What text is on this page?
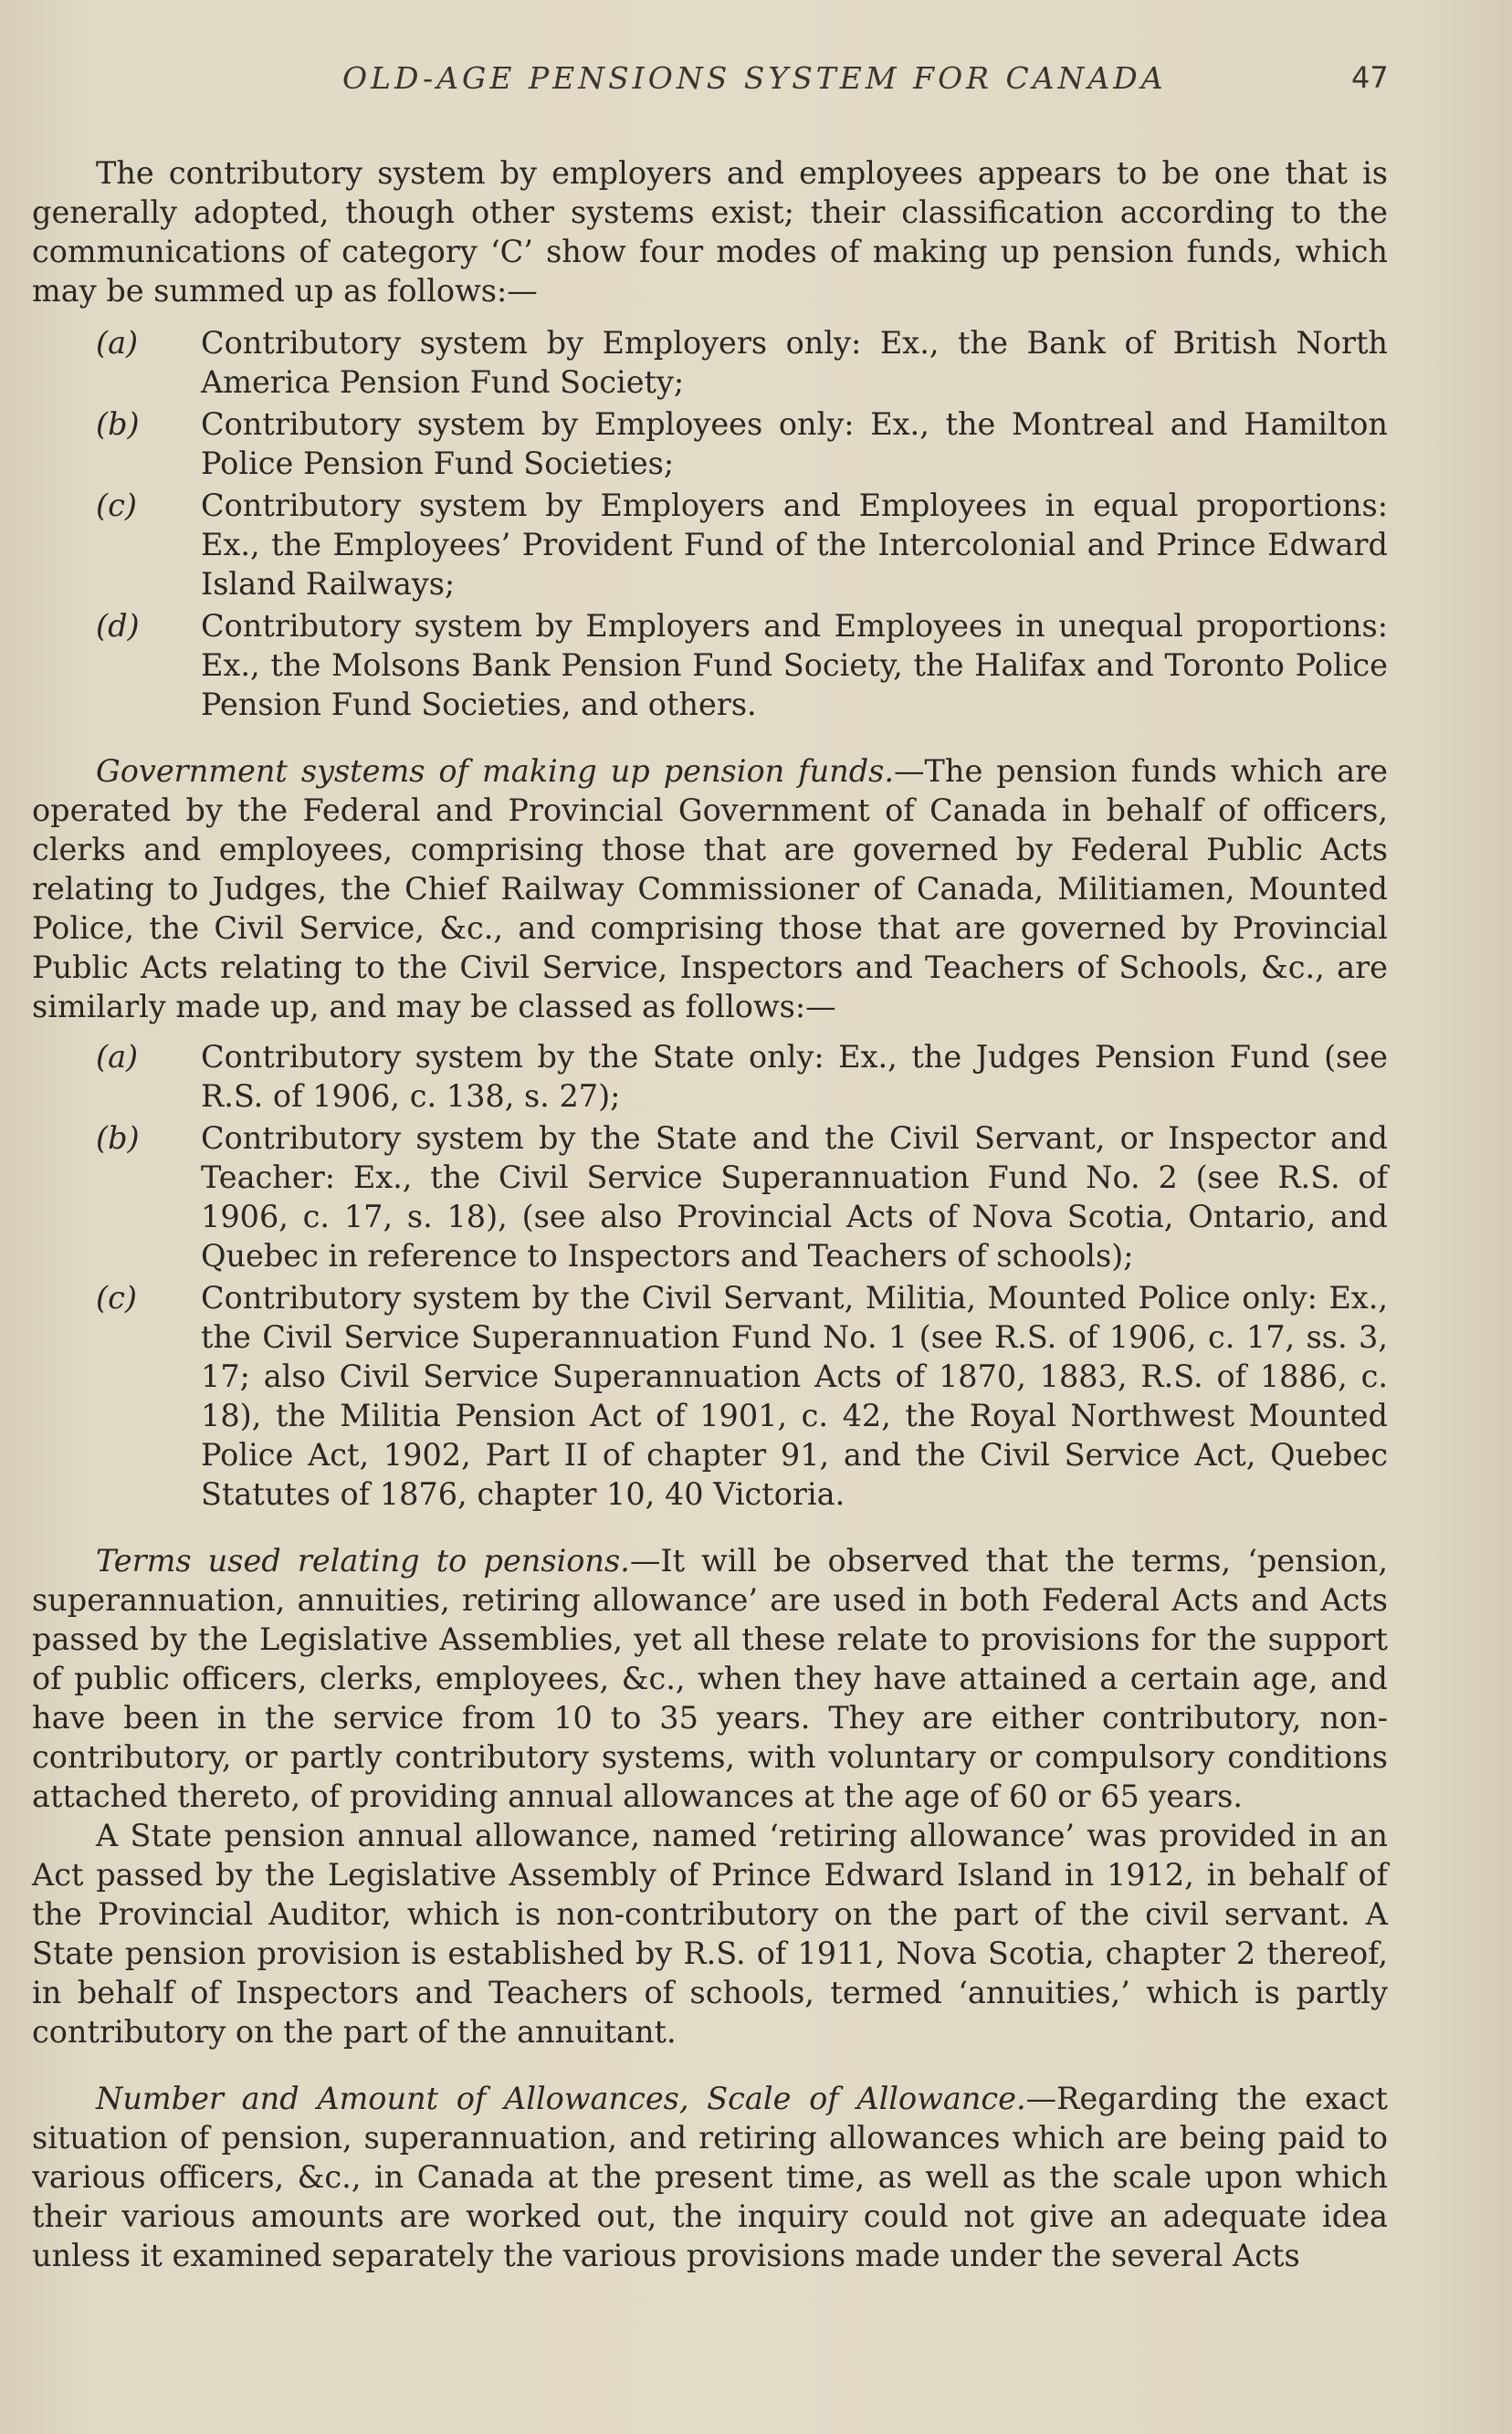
OLD-AGE PENSIONS SYSTEM FOR CANADA	47

The contributory system by employers and employees appears to be one that is generally adopted, though other systems exist; their classification according to the communications of category ‘C’ show four modes of making up pension funds, which may be summed up as follows:—

(a) Contributory system by Employers only: Ex., the Bank of British North America Pension Fund Society;
(b) Contributory system by Employees only: Ex., the Montreal and Hamilton Police Pension Fund Societies;
(c) Contributory system by Employers and Employees in equal proportions: Ex., the Employees’ Provident Fund of the Intercolonial and Prince Edward Island Railways;
(d) Contributory system by Employers and Employees in unequal proportions: Ex., the Molsons Bank Pension Fund Society, the Halifax and Toronto Police Pension Fund Societies, and others.

Government systems of making up pension funds.—The pension funds which are operated by the Federal and Provincial Government of Canada in behalf of officers, clerks and employees, comprising those that are governed by Federal Public Acts relating to Judges, the Chief Railway Commissioner of Canada, Militiamen, Mounted Police, the Civil Service, &c., and comprising those that are governed by Provincial Public Acts relating to the Civil Service, Inspectors and Teachers of Schools, &c., are similarly made up, and may be classed as follows:—

(a) Contributory system by the State only: Ex., the Judges Pension Fund (see R.S. of 1906, c. 138, s. 27);
(b) Contributory system by the State and the Civil Servant, or Inspector and Teacher: Ex., the Civil Service Superannuation Fund No. 2 (see R.S. of 1906, c. 17, s. 18), (see also Provincial Acts of Nova Scotia, Ontario, and Quebec in reference to Inspectors and Teachers of schools);
(c) Contributory system by the Civil Servant, Militia, Mounted Police only: Ex., the Civil Service Superannuation Fund No. 1 (see R.S. of 1906, c. 17, ss. 3, 17; also Civil Service Superannuation Acts of 1870, 1883, R.S. of 1886, c. 18), the Militia Pension Act of 1901, c. 42, the Royal Northwest Mounted Police Act, 1902, Part II of chapter 91, and the Civil Service Act, Quebec Statutes of 1876, chapter 10, 40 Victoria.

Terms used relating to pensions.—It will be observed that the terms, ‘pension, superannuation, annuities, retiring allowance’ are used in both Federal Acts and Acts passed by the Legislative Assemblies, yet all these relate to provisions for the support of public officers, clerks, employees, &c., when they have attained a certain age, and have been in the service from 10 to 35 years. They are either contributory, non-contributory, or partly contributory systems, with voluntary or compulsory conditions attached thereto, of providing annual allowances at the age of 60 or 65 years.

A State pension annual allowance, named ‘retiring allowance’ was provided in an Act passed by the Legislative Assembly of Prince Edward Island in 1912, in behalf of the Provincial Auditor, which is non-contributory on the part of the civil servant. A State pension provision is established by R.S. of 1911, Nova Scotia, chapter 2 thereof, in behalf of Inspectors and Teachers of schools, termed ‘annuities,’ which is partly contributory on the part of the annuitant.

Number and Amount of Allowances, Scale of Allowance.—Regarding the exact situation of pension, superannuation, and retiring allowances which are being paid to various officers, &c., in Canada at the present time, as well as the scale upon which their various amounts are worked out, the inquiry could not give an adequate idea unless it examined separately the various provisions made under the several Acts
